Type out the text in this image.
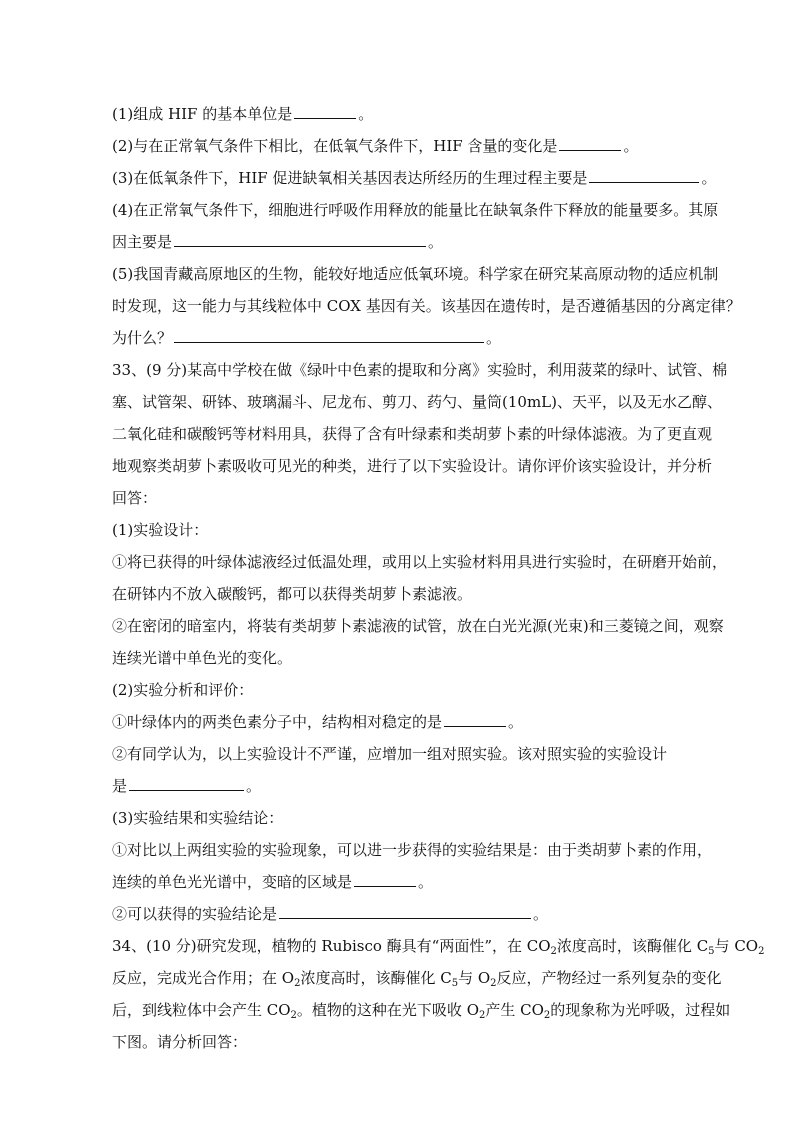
(1)组成 HIF 的基本单位是	。
(2)与在正常氧气条件下相比，在低氧气条件下，HIF 含量的变化是	。
(3)在低氧条件下，HIF 促进缺氧相关基因表达所经历的生理过程主要是	。
(4)在正常氧气条件下，细胞进行呼吸作用释放的能量比在缺氧条件下释放的能量要多。其原
因主要是	。
(5)我国青藏高原地区的生物，能较好地适应低氧环境。科学家在研究某高原动物的适应机制
时发现，这一能力与其线粒体中 COX 基因有关。该基因在遗传时，是否遵循基因的分离定律？
为什么？	。
33、(9 分)某高中学校在做《绿叶中色素的提取和分离》实验时，利用菠菜的绿叶、试管、棉
塞、试管架、研钵、玻璃漏斗、尼龙布、剪刀、药勺、量筒(10mL)、天平，以及无水乙醇、
二氧化硅和碳酸钙等材料用具，获得了含有叶绿素和类胡萝卜素的叶绿体滤液。为了更直观
地观察类胡萝卜素吸收可见光的种类，进行了以下实验设计。请你评价该实验设计，并分析
回答：
(1)实验设计：
①将已获得的叶绿体滤液经过低温处理，或用以上实验材料用具进行实验时，在研磨开始前，
在研钵内不放入碳酸钙，都可以获得类胡萝卜素滤液。
②在密闭的暗室内，将装有类胡萝卜素滤液的试管，放在白光光源(光束)和三菱镜之间，观察
连续光谱中单色光的变化。
(2)实验分析和评价：
①叶绿体内的两类色素分子中，结构相对稳定的是	。
②有同学认为，以上实验设计不严谨，应增加一组对照实验。该对照实验的实验设计
是	。
(3)实验结果和实验结论：
①对比以上两组实验的实验现象，可以进一步获得的实验结果是：由于类胡萝卜素的作用，
连续的单色光光谱中，变暗的区域是	。
②可以获得的实验结论是	。
34、(10 分)研究发现，植物的 Rubisco 酶具有“两面性”，在 $CO_2$浓度高时，该酶催化 $C_5$与 $CO_2$
反应，完成光合作用；在 $O_2$浓度高时，该酶催化 $C_5$与 $O_2$反应，产物经过一系列复杂的变化
后，到线粒体中会产生 $CO_2$。植物的这种在光下吸收 $O_2$产生 $CO_2$的现象称为光呼吸，过程如
下图。请分析回答：
